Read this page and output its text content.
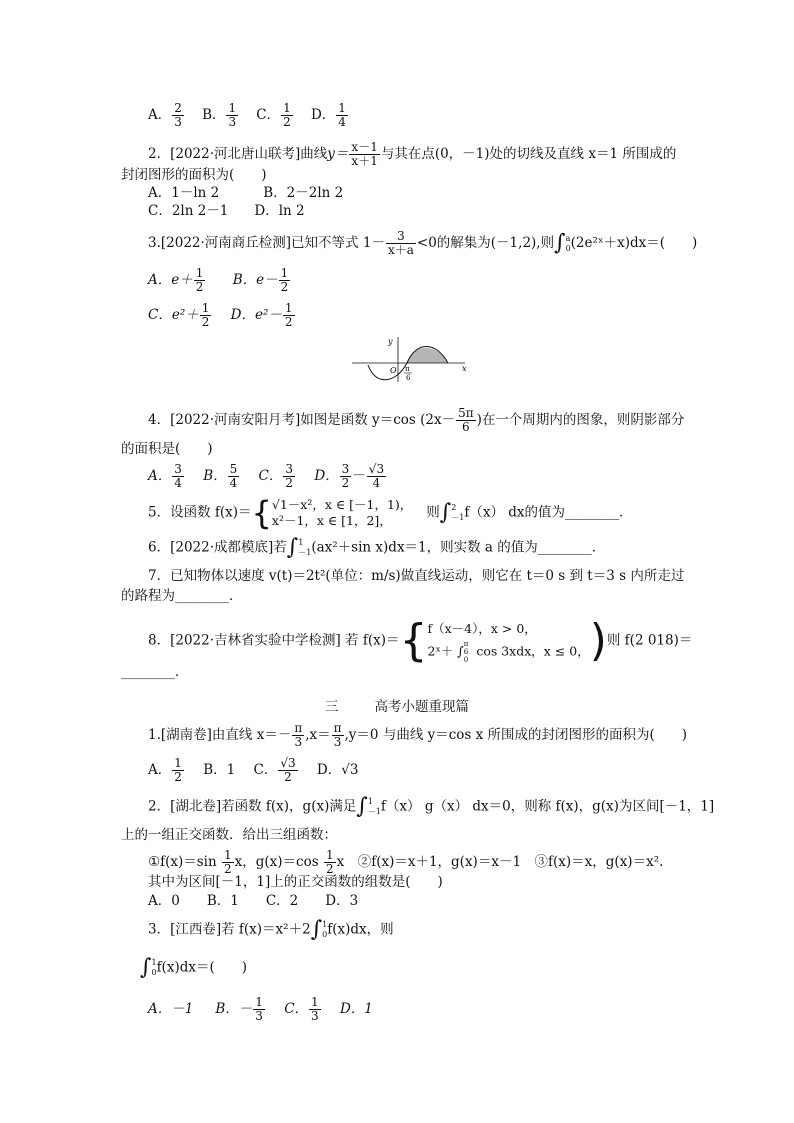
A． $\frac{2}{3}$ B． $\frac{1}{3}$ C． $\frac{1}{2}$ D． $\frac{1}{4}$
2．[2022·河北唐山联考]曲线$y= \frac{x-1}{x+1}$ 与其在点(0，－1)处的切线及直线 x＝1 所围成的
封闭图形的面积为(　　)
A．1－ln 2	B．2－2ln 2
C．2ln 2－1 D．ln 2
3.[2022·河南商丘检测]已知不等式 $1- \frac{3}{x+a} <0$的解集为(－1,2),则∫ a
0 (2e²ˣ＋x)dx＝(　　)
A．$e+ \frac{1}{2}$ B．$e- \frac{1}{2}$
C．$e^2+ \frac{1}{2}$ D．$e^2- \frac{1}{2}$
y
x
O π
6
4．[2022·河南安阳月考]如图是函数 y＝cos ($2x- \frac{5\pi}{6}$ )在一个周期内的图象，则阴影部分
的面积是(　　)
A． $\frac{3}{4}$ B． $\frac{5}{4}$ C． $\frac{3}{2}$ D． $\frac{3}{2} - \frac{√3}{4}$
5．设函数 f(x)＝{ √1－x²，x ∈ [－1，1)，
x²－1，x ∈ [1，2]，	则∫ 2
－1 f（x） dx的值为________．
6．[2022·成都模底]若∫ 1
－1 (ax²＋sin x)dx＝1，则实数 a 的值为________．
7．已知物体以速度 v(t)＝2t²(单位：m/s)做直线运动，则它在 t＝0 s 到 t＝3 s 内所走过
的路程为________．
8．[2022·吉林省实验中学检测] 若 f(x)＝{ f（x－4），x > 0，
2ˣ＋ ∫ π
6
0
cos 3xdx，x ≤ 0， )则 f(2 018)＝
________．
三	高考小题重现篇
1.[湖南卷]由直线 $x=- \frac{\pi}{3} ,x= \frac{\pi}{3} ,y=0$ 与曲线 y＝cos x 所围成的封闭图形的面积为(　　)
A． $\frac{1}{2}$ B．1 C． $\frac{√3}{2}$ D．√3
2．[湖北卷]若函数 f(x)，g(x)满足∫ 1
－1 f（x） g（x） dx＝0，则称 f(x)，g(x)为区间[－1，1]
上的一组正交函数．给出三组函数：
①f(x)＝sin $\frac{1}{2}$ x，$g(x)=\cos \frac{1}{2}$ x　②f(x)＝x＋1，g(x)＝x－1　③f(x)＝x，g(x)＝x².
其中为区间[－1，1]上的正交函数的组数是(　　)
A．0　　B．1　　C．2　　D．3
3．[江西卷]若 f(x)＝x²＋2∫ 1
0 f(x)dx，则
∫ 1
0 f(x)dx＝(　　)
A．－1 B．－ $\frac{1}{3}$ C． $\frac{1}{3}$ D．1
